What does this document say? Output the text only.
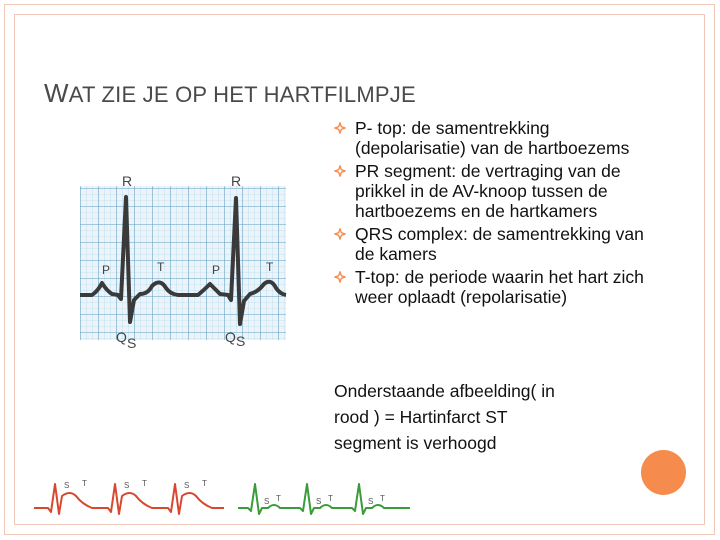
WAT ZIE JE OP HET HARTFILMPJE
R
P	T
Q S
R
P	T
Q S
P- top: de samentrekking (depolarisatie) van de hartboezems
PR segment: de vertraging van de prikkel in de AV-knoop tussen de hartboezems en de hartkamers
QRS complex: de samentrekking van de kamers
T-top: de periode waarin het hart zich weer oplaadt (repolarisatie)
Onderstaande afbeelding( in
rood ) = Hartinfarct ST
segment is verhoogd
S T	S T	S T
S T	S T	S T
